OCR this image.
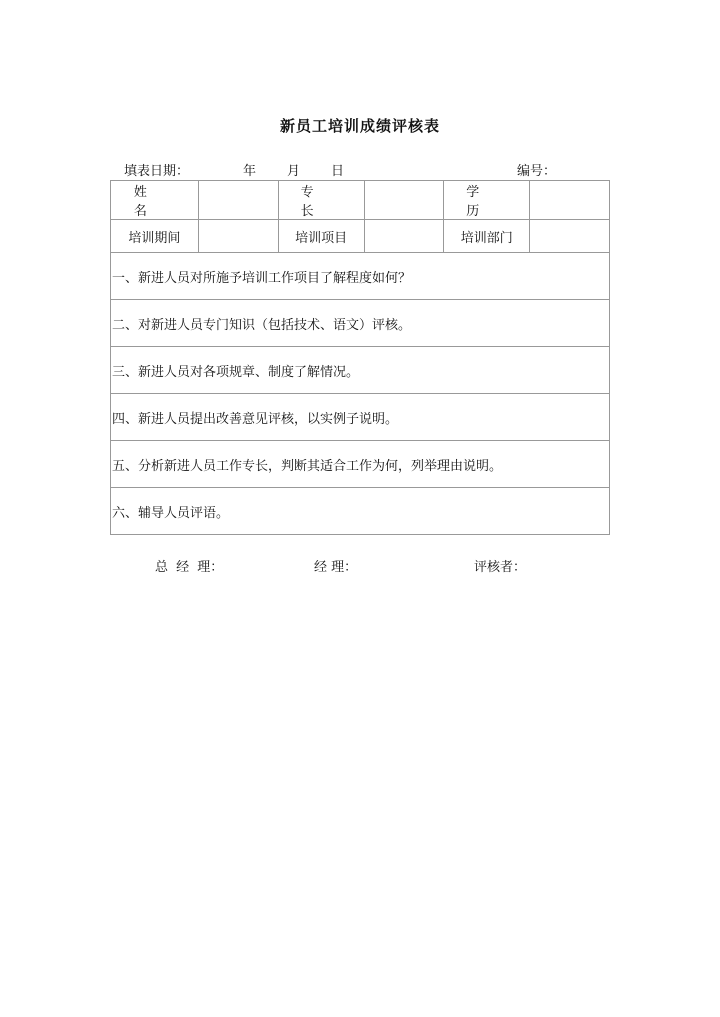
新员工培训成绩评核表
填表日期：	年 月 日	编号：
姓 名		专 长		学 历	
培训期间		培训项目		培训部门	

一、新进人员对所施予培训工作项目了解程度如何？					

二、对新进人员专门知识（包括技术、语文）评核。					

三、新进人员对各项规章、制度了解情况。					

四、新进人员提出改善意见评核，以实例子说明。					

五、分析新进人员工作专长，判断其适合工作为何，列举理由说明。					

六、辅导人员评语。					
总 经 理：	经 理：	评核者：
